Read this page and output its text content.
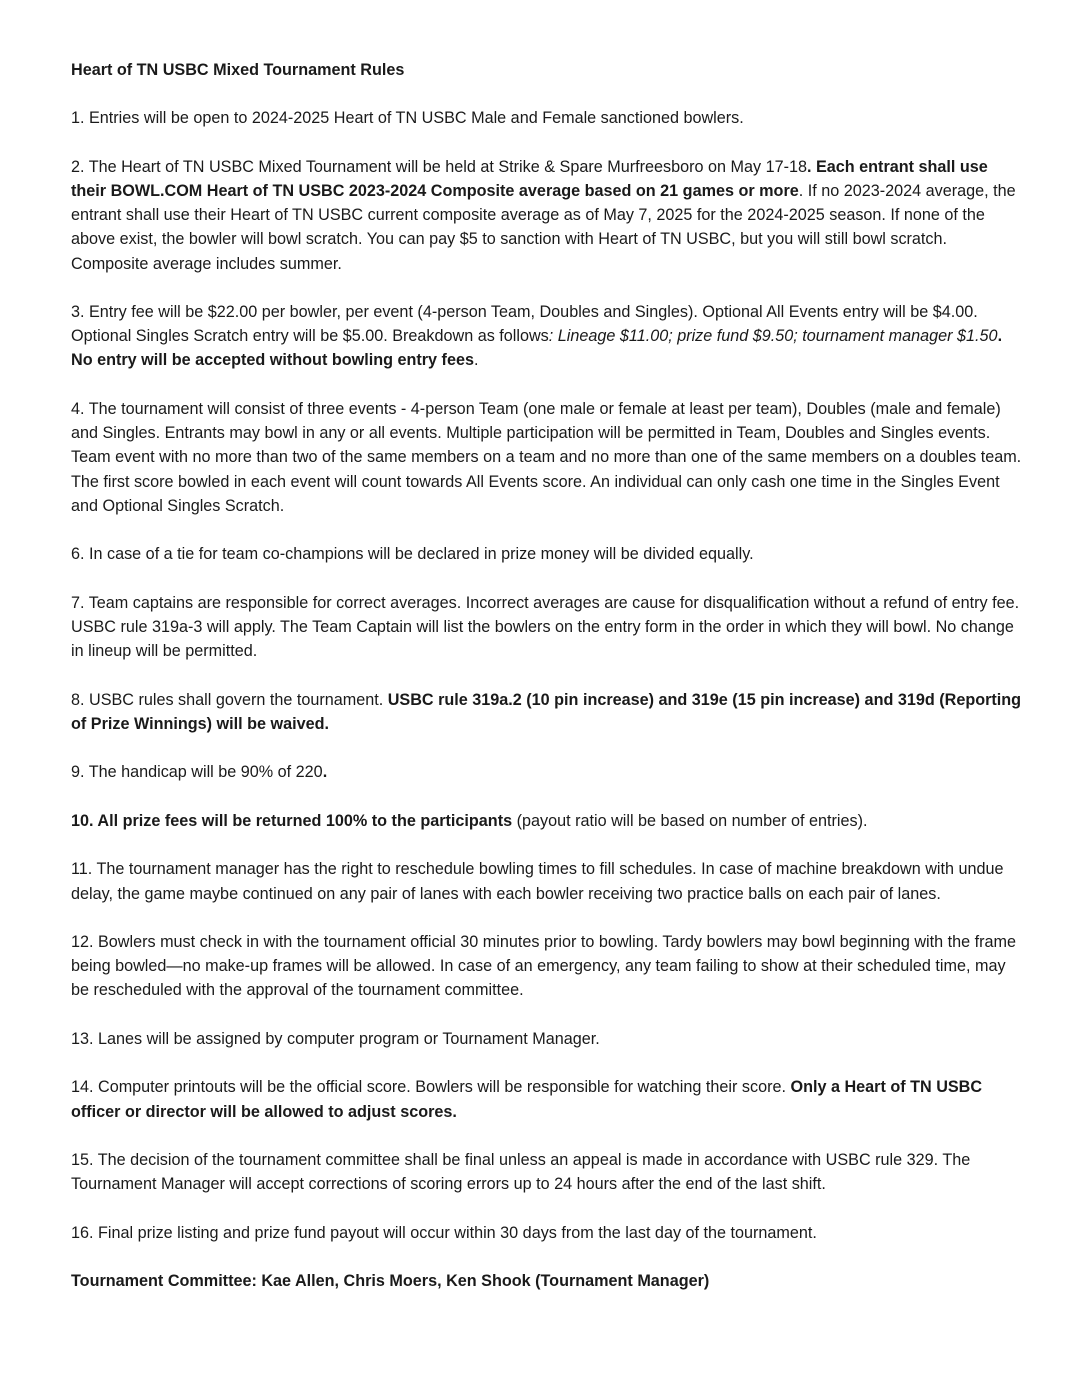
Heart of TN USBC Mixed Tournament Rules

1. Entries will be open to 2024-2025 Heart of TN USBC Male and Female sanctioned bowlers.

2. The Heart of TN USBC Mixed Tournament will be held at Strike & Spare Murfreesboro on May 17-18. Each entrant shall use their BOWL.COM Heart of TN USBC 2023-2024 Composite average based on 21 games or more. If no 2023-2024 average, the entrant shall use their Heart of TN USBC current composite average as of May 7, 2025 for the 2024-2025 season. If none of the above exist, the bowler will bowl scratch. You can pay $5 to sanction with Heart of TN USBC, but you will still bowl scratch. Composite average includes summer.

3. Entry fee will be $22.00 per bowler, per event (4-person Team, Doubles and Singles). Optional All Events entry will be $4.00. Optional Singles Scratch entry will be $5.00. Breakdown as follows: Lineage $11.00; prize fund $9.50; tournament manager $1.50. No entry will be accepted without bowling entry fees.

4. The tournament will consist of three events - 4-person Team (one male or female at least per team), Doubles (male and female) and Singles. Entrants may bowl in any or all events. Multiple participation will be permitted in Team, Doubles and Singles events. Team event with no more than two of the same members on a team and no more than one of the same members on a doubles team. The first score bowled in each event will count towards All Events score. An individual can only cash one time in the Singles Event and Optional Singles Scratch.

6. In case of a tie for team co-champions will be declared in prize money will be divided equally.

7. Team captains are responsible for correct averages. Incorrect averages are cause for disqualification without a refund of entry fee. USBC rule 319a-3 will apply. The Team Captain will list the bowlers on the entry form in the order in which they will bowl. No change in lineup will be permitted.

8. USBC rules shall govern the tournament. USBC rule 319a.2 (10 pin increase) and 319e (15 pin increase) and 319d (Reporting of Prize Winnings) will be waived.

9. The handicap will be 90% of 220.

10. All prize fees will be returned 100% to the participants (payout ratio will be based on number of entries).

11. The tournament manager has the right to reschedule bowling times to fill schedules. In case of machine breakdown with undue delay, the game maybe continued on any pair of lanes with each bowler receiving two practice balls on each pair of lanes.

12. Bowlers must check in with the tournament official 30 minutes prior to bowling. Tardy bowlers may bowl beginning with the frame being bowled—no make-up frames will be allowed. In case of an emergency, any team failing to show at their scheduled time, may be rescheduled with the approval of the tournament committee.

13. Lanes will be assigned by computer program or Tournament Manager.

14. Computer printouts will be the official score. Bowlers will be responsible for watching their score. Only a Heart of TN USBC officer or director will be allowed to adjust scores.

15. The decision of the tournament committee shall be final unless an appeal is made in accordance with USBC rule 329. The Tournament Manager will accept corrections of scoring errors up to 24 hours after the end of the last shift.

16. Final prize listing and prize fund payout will occur within 30 days from the last day of the tournament.

Tournament Committee: Kae Allen, Chris Moers, Ken Shook (Tournament Manager)
